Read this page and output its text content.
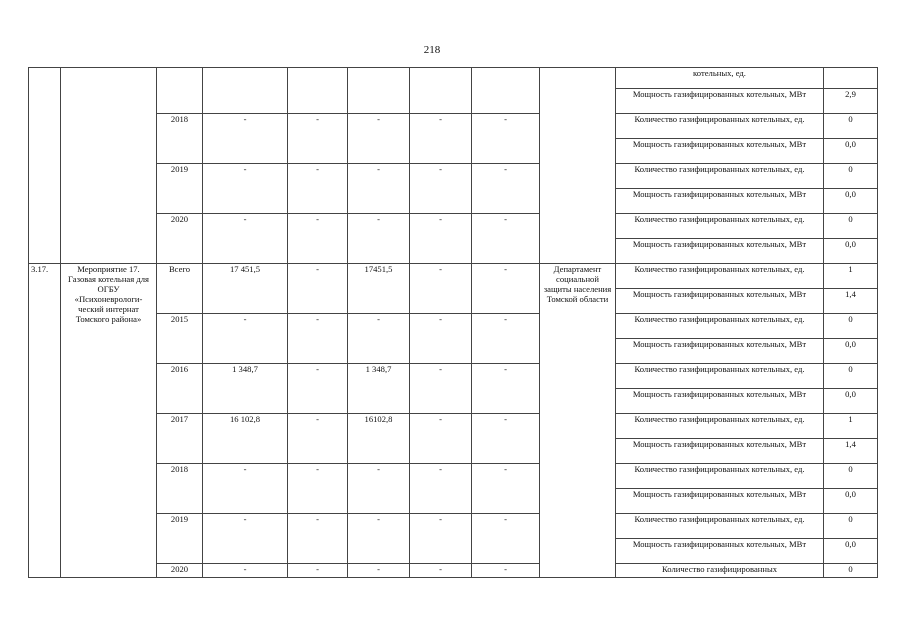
218
									котельных, ед.	
									Мощность газифицированных котельных, МВт	2,9
		2018	-	-	-	-	-		Количество газифицированных котельных, ед.	0
									Мощность газифицированных котельных, МВт	0,0
		2019	-	-	-	-	-		Количество газифицированных котельных, ед.	0
									Мощность газифицированных котельных, МВт	0,0
		2020	-	-	-	-	-		Количество газифицированных котельных, ед.	0
									Мощность газифицированных котельных, МВт	0,0
3.17.	Мероприятие 17. Газовая котельная для ОГБУ «Психоневрологи-ческий интернат Томского района»	Всего	17 451,5	-	17451,5	-	-	Департамент социальной защиты населения Томской области	Количество газифицированных котельных, ед.	1
									Мощность газифицированных котельных, МВт	1,4
		2015	-	-	-	-	-		Количество газифицированных котельных, ед.	0
									Мощность газифицированных котельных, МВт	0,0
		2016	1 348,7	-	1 348,7	-	-		Количество газифицированных котельных, ед.	0
									Мощность газифицированных котельных, МВт	0,0
		2017	16 102,8	-	16102,8	-	-		Количество газифицированных котельных, ед.	1
									Мощность газифицированных котельных, МВт	1,4
		2018	-	-	-	-	-		Количество газифицированных котельных, ед.	0
									Мощность газифицированных котельных, МВт	0,0
		2019	-	-	-	-	-		Количество газифицированных котельных, ед.	0
									Мощность газифицированных котельных, МВт	0,0
		2020	-	-	-	-	-		Количество газифицированных	0
